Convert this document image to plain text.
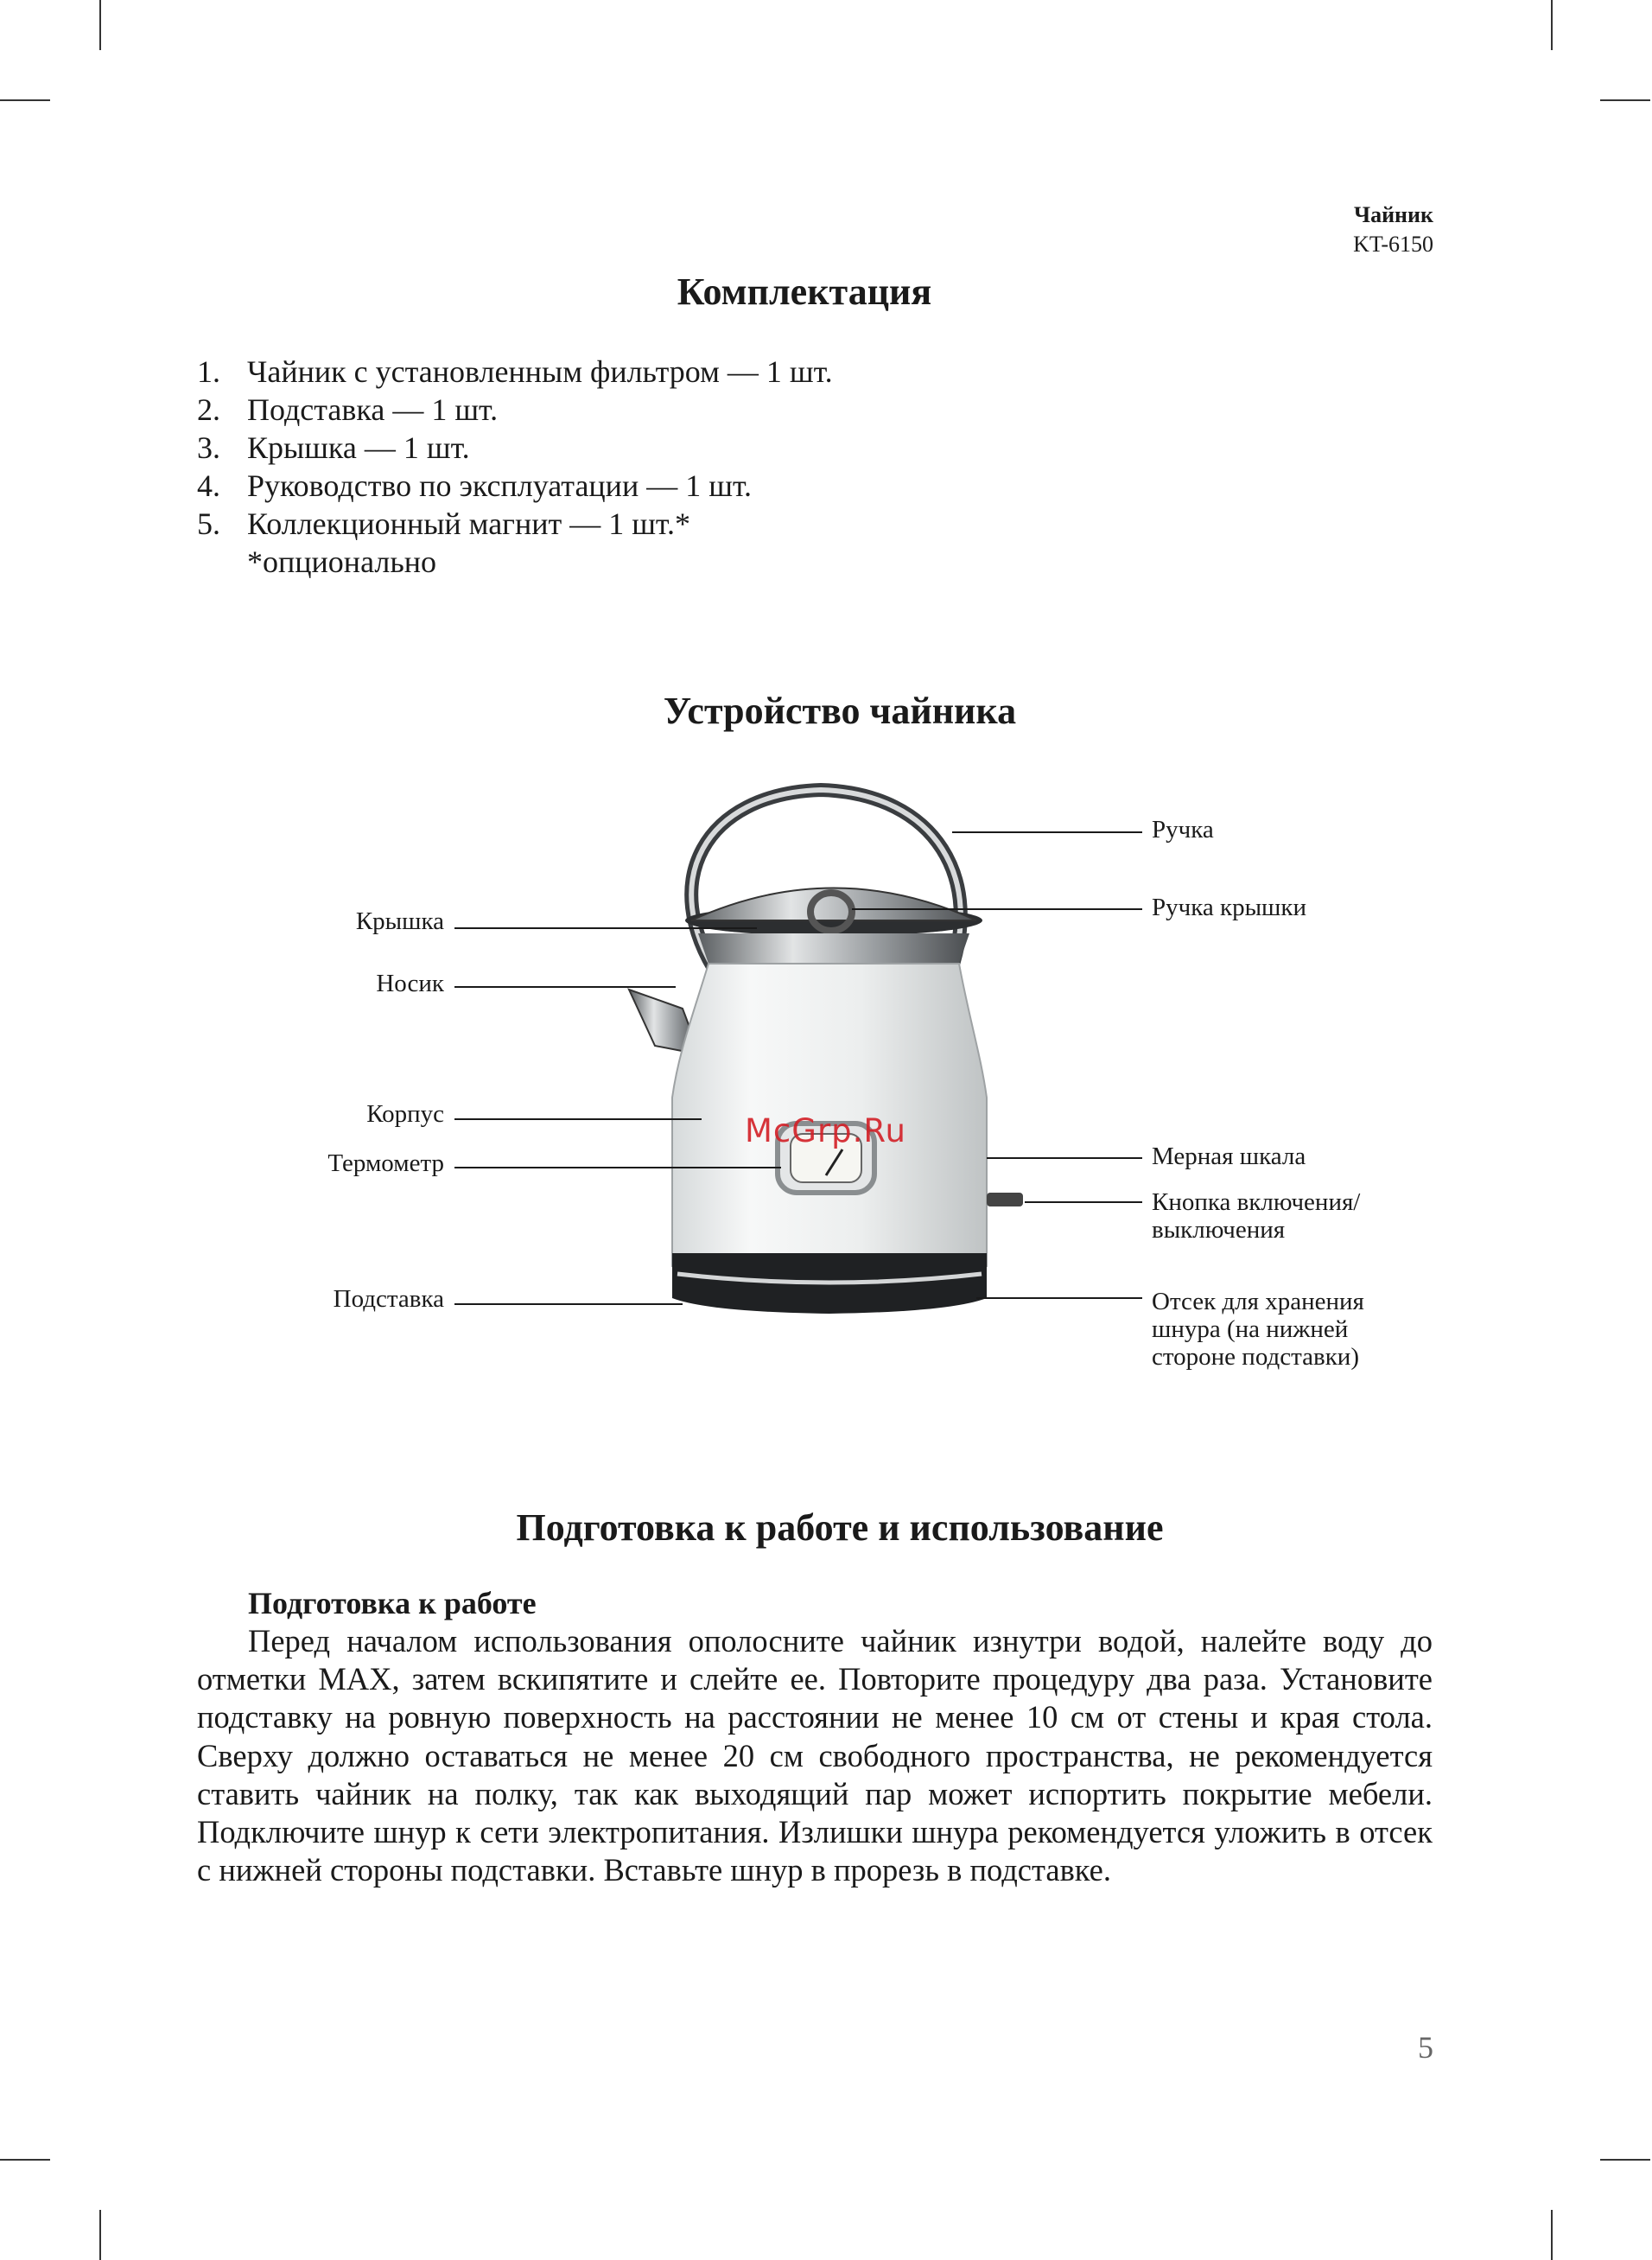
Чайник
KT-6150
Комплектация
1. Чайник с установленным фильтром — 1 шт.
2. Подставка — 1 шт.
3. Крышка — 1 шт.
4. Руководство по эксплуатации — 1 шт.
5. Коллекционный магнит — 1 шт.*
*опционально
Устройство чайника
Крышка
Носик
Корпус
Термометр
Подставка
Ручка
Ручка крышки
Мерная шкала
Кнопка включения/
выключения
Отсек для хранения
шнура (на нижней
стороне подставки)
McGrp.Ru
Подготовка к работе и использование
Подготовка к работе
Перед началом использования ополосните чайник изнутри водой, налейте воду до отметки MAX, затем вскипятите и слейте ее. Повторите процедуру два раза. Установите подставку на ровную поверхность на расстоянии не менее 10 см от стены и края стола. Сверху должно оставаться не менее 20 см свободного пространства, не рекомендуется ставить чайник на полку, так как выходящий пар может испортить покрытие мебели. Подключите шнур к сети электропитания. Излишки шнура рекомендуется уложить в отсек с нижней стороны подставки. Вставьте шнур в прорезь в подставке.
5
